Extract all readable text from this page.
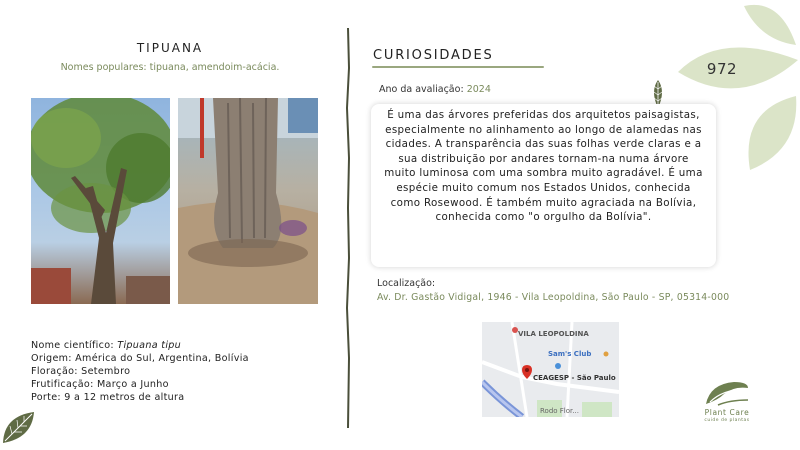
TIPUANA
Nomes populares: tipuana, amendoim-acácia.
Nome científico: Tipuana tipu
Origem: América do Sul, Argentina, Bolívia
Floração: Setembro
Frutificação: Março a Junho
Porte: 9 a 12 metros de altura
CURIOSIDADES
Ano da avaliação: 2024

É uma das árvores preferidas dos arquitetos paisagistas, especialmente no alinhamento ao longo de alamedas nas cidades. A transparência das suas folhas verde claras e a sua distribuição por andares tornam-na numa árvore muito luminosa com uma sombra muito agradável. É uma espécie muito comum nos Estados Unidos, conhecida como Rosewood. É também muito agraciada na Bolívia, conhecida como "o orgulho da Bolívia".

Localização:
Av. Dr. Gastão Vidigal, 1946 - Vila Leopoldina, São Paulo - SP, 05314-000
VILA LEOPOLDINA
Sam's Club
CEAGESP - São Paulo
Rodo Flor...
972
Plant Care
cuide de plantas
